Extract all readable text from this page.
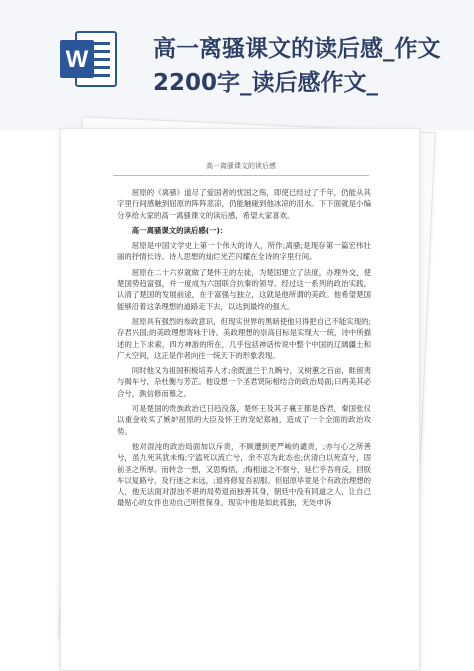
W	高一离骚课文的读后感_作文
2200字_读后感作文_
高一离骚课文的读后感

屈原的《离骚》道尽了爱国者的忧国之殇，即使已经过了千年，仍能从其字里行间感触到屈原的阵阵悲凉，仍能触碰到他冰凉的泪水。下下面就是小编分享给大家的高一离骚课文的读后感，希望大家喜欢。

高一离骚课文的读后感(一)：

屈原是中国文学史上第一个伟大的诗人，所作;离骚;是现存第一篇宏伟壮丽的抒情长诗。诗人思想的灿烂光芒闪耀在全诗的字里行间。

屈原在二十六岁就做了楚怀王的左徒，为楚国建立了法度，办理外交，使楚国势趋富强，并一度成为六国联合抗秦的领导。经过这一系列的政治实践，认清了楚国的发展前途，在于富强与独立，这就是他所谓的美政。他希望楚国能够沿着这条理想的道路走下去，以达到最终的强大。

屈原具有强烈的参政意识，但现实世界的黑暗使他只得把自己不能实现的;存君兴国;的美政理想寄咏于诗。美政理想的崇高目标是实现大一统，诗中所描述的上下求索，四方神游的所在，几乎包括神话传说中整个中国的辽阔疆土和广大空间，这正是作者向往一统天下的形象表现。

同时他又为祖国积极培养人才;余既滋兰于九畹兮，又树蕙之百亩，畦留夷与揭车兮，杂杜衡与芳芷。他设想一个圣君贤际相结合的政治局面;曰两美其必合兮，孰信修而慕之。

可是楚国的贵族政治已日趋没落，楚怀王及其子襄王都是昏君，秦国张仪以重金收买了嫉妒屈原的大臣及怀王的宠妃郑袖，造成了一个全面的政治攻势。

他对混沌的政治局面加以斥责，不顾遭到更严峻的谴责，;亦与心之所善兮，虽九死其犹未悔;宁溘死以流亡兮，余不忍为此态也;伏清白以死直兮，固前圣之所厚。而转念一想，又思悔悟，;悔相道之不察兮，延伫乎吾将反，回朕车以复路兮，及行迷之未远，;退将修复吾初服。但屈原毕竟是个有政治理想的人，他无法面对混浊不堪的局势退而独善其身，朝廷中没有同道之人，让自己最贴心的女伴也劝自己明哲保身。现实中他是如此孤独，无处申诉
